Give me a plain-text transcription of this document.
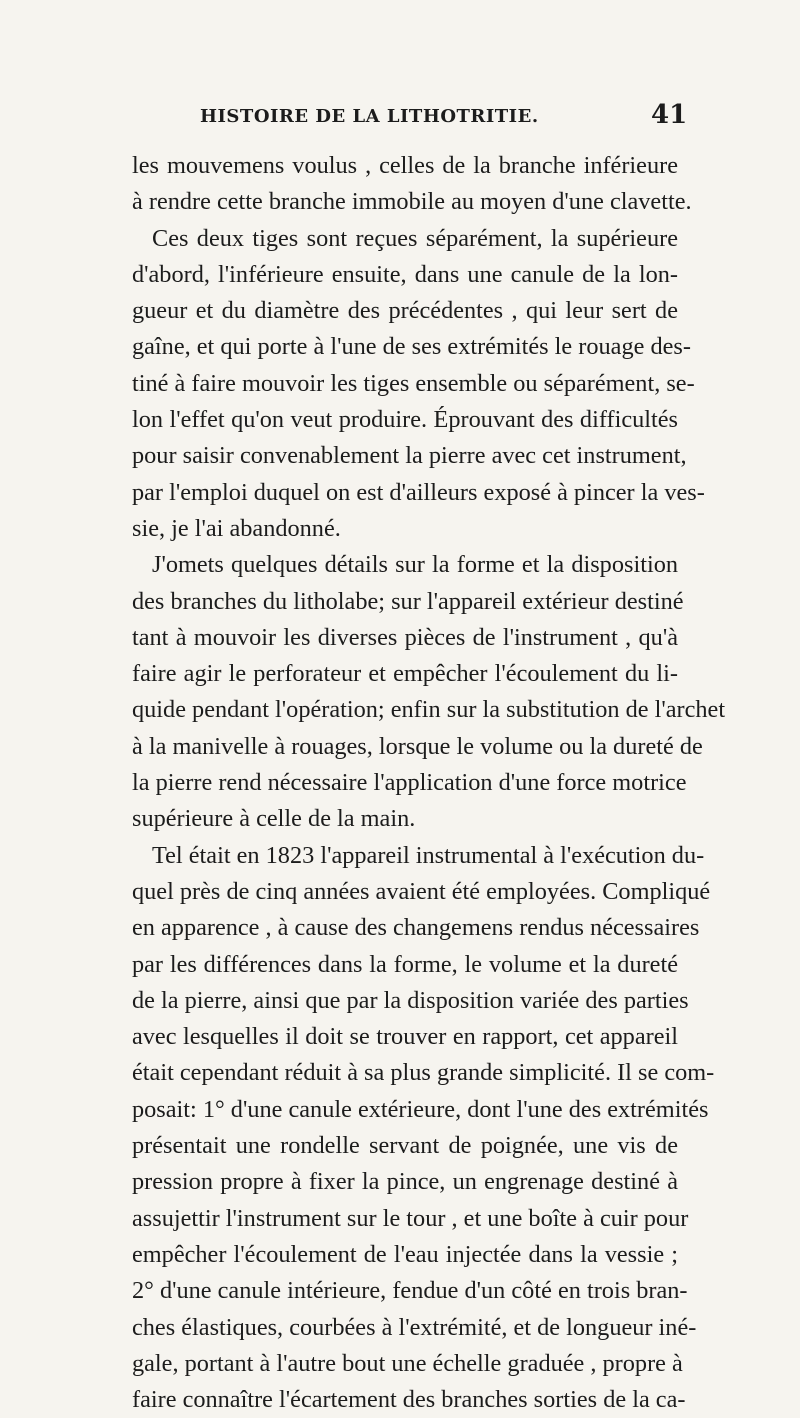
HISTOIRE DE LA LITHOTRITIE.	41
les mouvemens voulus , celles de la branche inférieure
à rendre cette branche immobile au moyen d'une clavette.
Ces deux tiges sont reçues séparément, la supérieure
d'abord, l'inférieure ensuite, dans une canule de la lon-
gueur et du diamètre des précédentes , qui leur sert de
gaîne, et qui porte à l'une de ses extrémités le rouage des-
tiné à faire mouvoir les tiges ensemble ou séparément, se-
lon l'effet qu'on veut produire. Éprouvant des difficultés
pour saisir convenablement la pierre avec cet instrument,
par l'emploi duquel on est d'ailleurs exposé à pincer la ves-
sie, je l'ai abandonné.
J'omets quelques détails sur la forme et la disposition
des branches du litholabe; sur l'appareil extérieur destiné
tant à mouvoir les diverses pièces de l'instrument , qu'à
faire agir le perforateur et empêcher l'écoulement du li-
quide pendant l'opération; enfin sur la substitution de l'archet
à la manivelle à rouages, lorsque le volume ou la dureté de
la pierre rend nécessaire l'application d'une force motrice
supérieure à celle de la main.
Tel était en 1823 l'appareil instrumental à l'exécution du-
quel près de cinq années avaient été employées. Compliqué
en apparence , à cause des changemens rendus nécessaires
par les différences dans la forme, le volume et la dureté
de la pierre, ainsi que par la disposition variée des parties
avec lesquelles il doit se trouver en rapport, cet appareil
était cependant réduit à sa plus grande simplicité. Il se com-
posait: 1° d'une canule extérieure, dont l'une des extrémités
présentait une rondelle servant de poignée, une vis de
pression propre à fixer la pince, un engrenage destiné à
assujettir l'instrument sur le tour , et une boîte à cuir pour
empêcher l'écoulement de l'eau injectée dans la vessie ;
2° d'une canule intérieure, fendue d'un côté en trois bran-
ches élastiques, courbées à l'extrémité, et de longueur iné-
gale, portant à l'autre bout une échelle graduée , propre à
faire connaître l'écartement des branches sorties de la ca-
